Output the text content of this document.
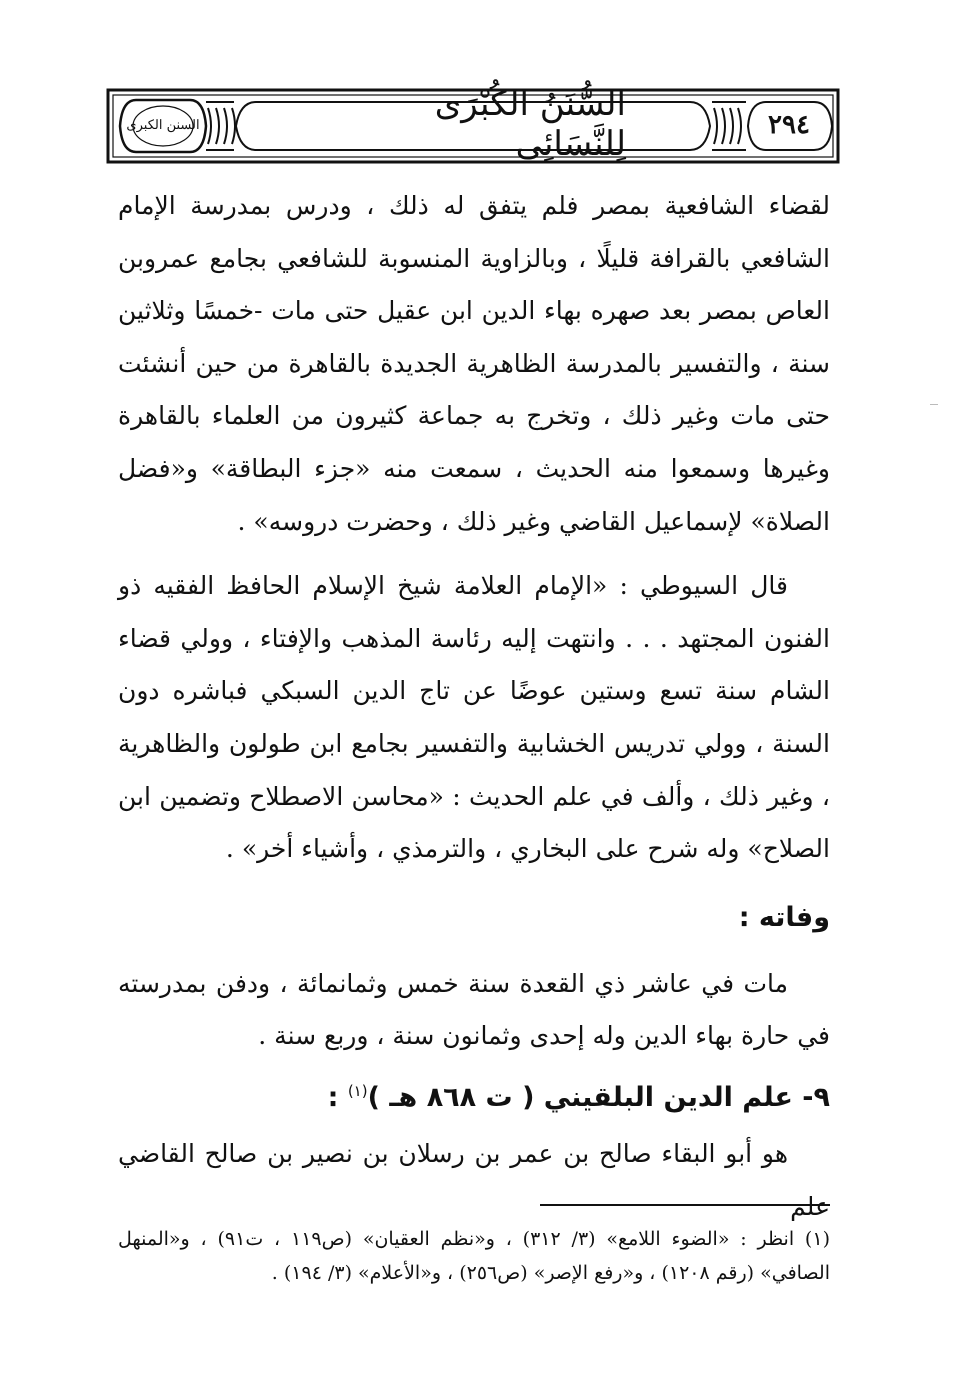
٢٩٤
السُّنَنُ الكُبْرَى لِلنَّسَائِي
السنن الكبرى

لقضاء الشافعية بمصر فلم يتفق له ذلك ، ودرس بمدرسة الإمام الشافعي بالقرافة قليلًا ، وبالزاوية المنسوبة للشافعي بجامع عمروبن العاص بمصر بعد صهره بهاء الدين ابن عقيل حتى مات -خمسًا وثلاثين سنة ، والتفسير بالمدرسة الظاهرية الجديدة بالقاهرة من حين أنشئت حتى مات وغير ذلك ، وتخرج به جماعة كثيرون من العلماء بالقاهرة وغيرها وسمعوا منه الحديث ، سمعت منه «جزء البطاقة» و«فضل الصلاة» لإسماعيل القاضي وغير ذلك ، وحضرت دروسه» .

قال السيوطي : «الإمام العلامة شيخ الإسلام الحافظ الفقيه ذو الفنون المجتهد . . . وانتهت إليه رئاسة المذهب والإفتاء ، وولي قضاء الشام سنة تسع وستين عوضًا عن تاج الدين السبكي فباشره دون السنة ، وولي تدريس الخشابية والتفسير بجامع ابن طولون والظاهرية ، وغير ذلك ، وألف في علم الحديث : «محاسن الاصطلاح وتضمين ابن الصلاح» وله شرح على البخاري ، والترمذي ، وأشياء أخر» .

وفاته :

مات في عاشر ذي القعدة سنة خمس وثمانمائة ، ودفن بمدرسته في حارة بهاء الدين وله إحدى وثمانون سنة ، وربع سنة .

٩- علم الدين البلقيني ( ت ٨٦٨ هـ )$^{(١)}$ :

هو أبو البقاء صالح بن عمر بن رسلان بن نصير بن صالح القاضي علم

(١) انظر : «الضوء اللامع» (٣/ ٣١٢) ، و«نظم العقيان» (ص١١٩ ، ت٩١) ، و«المنهل الصافي» (رقم ١٢٠٨) ، و«رفع الإصر» (ص٢٥٦) ، و«الأعلام» (٣/ ١٩٤) .
